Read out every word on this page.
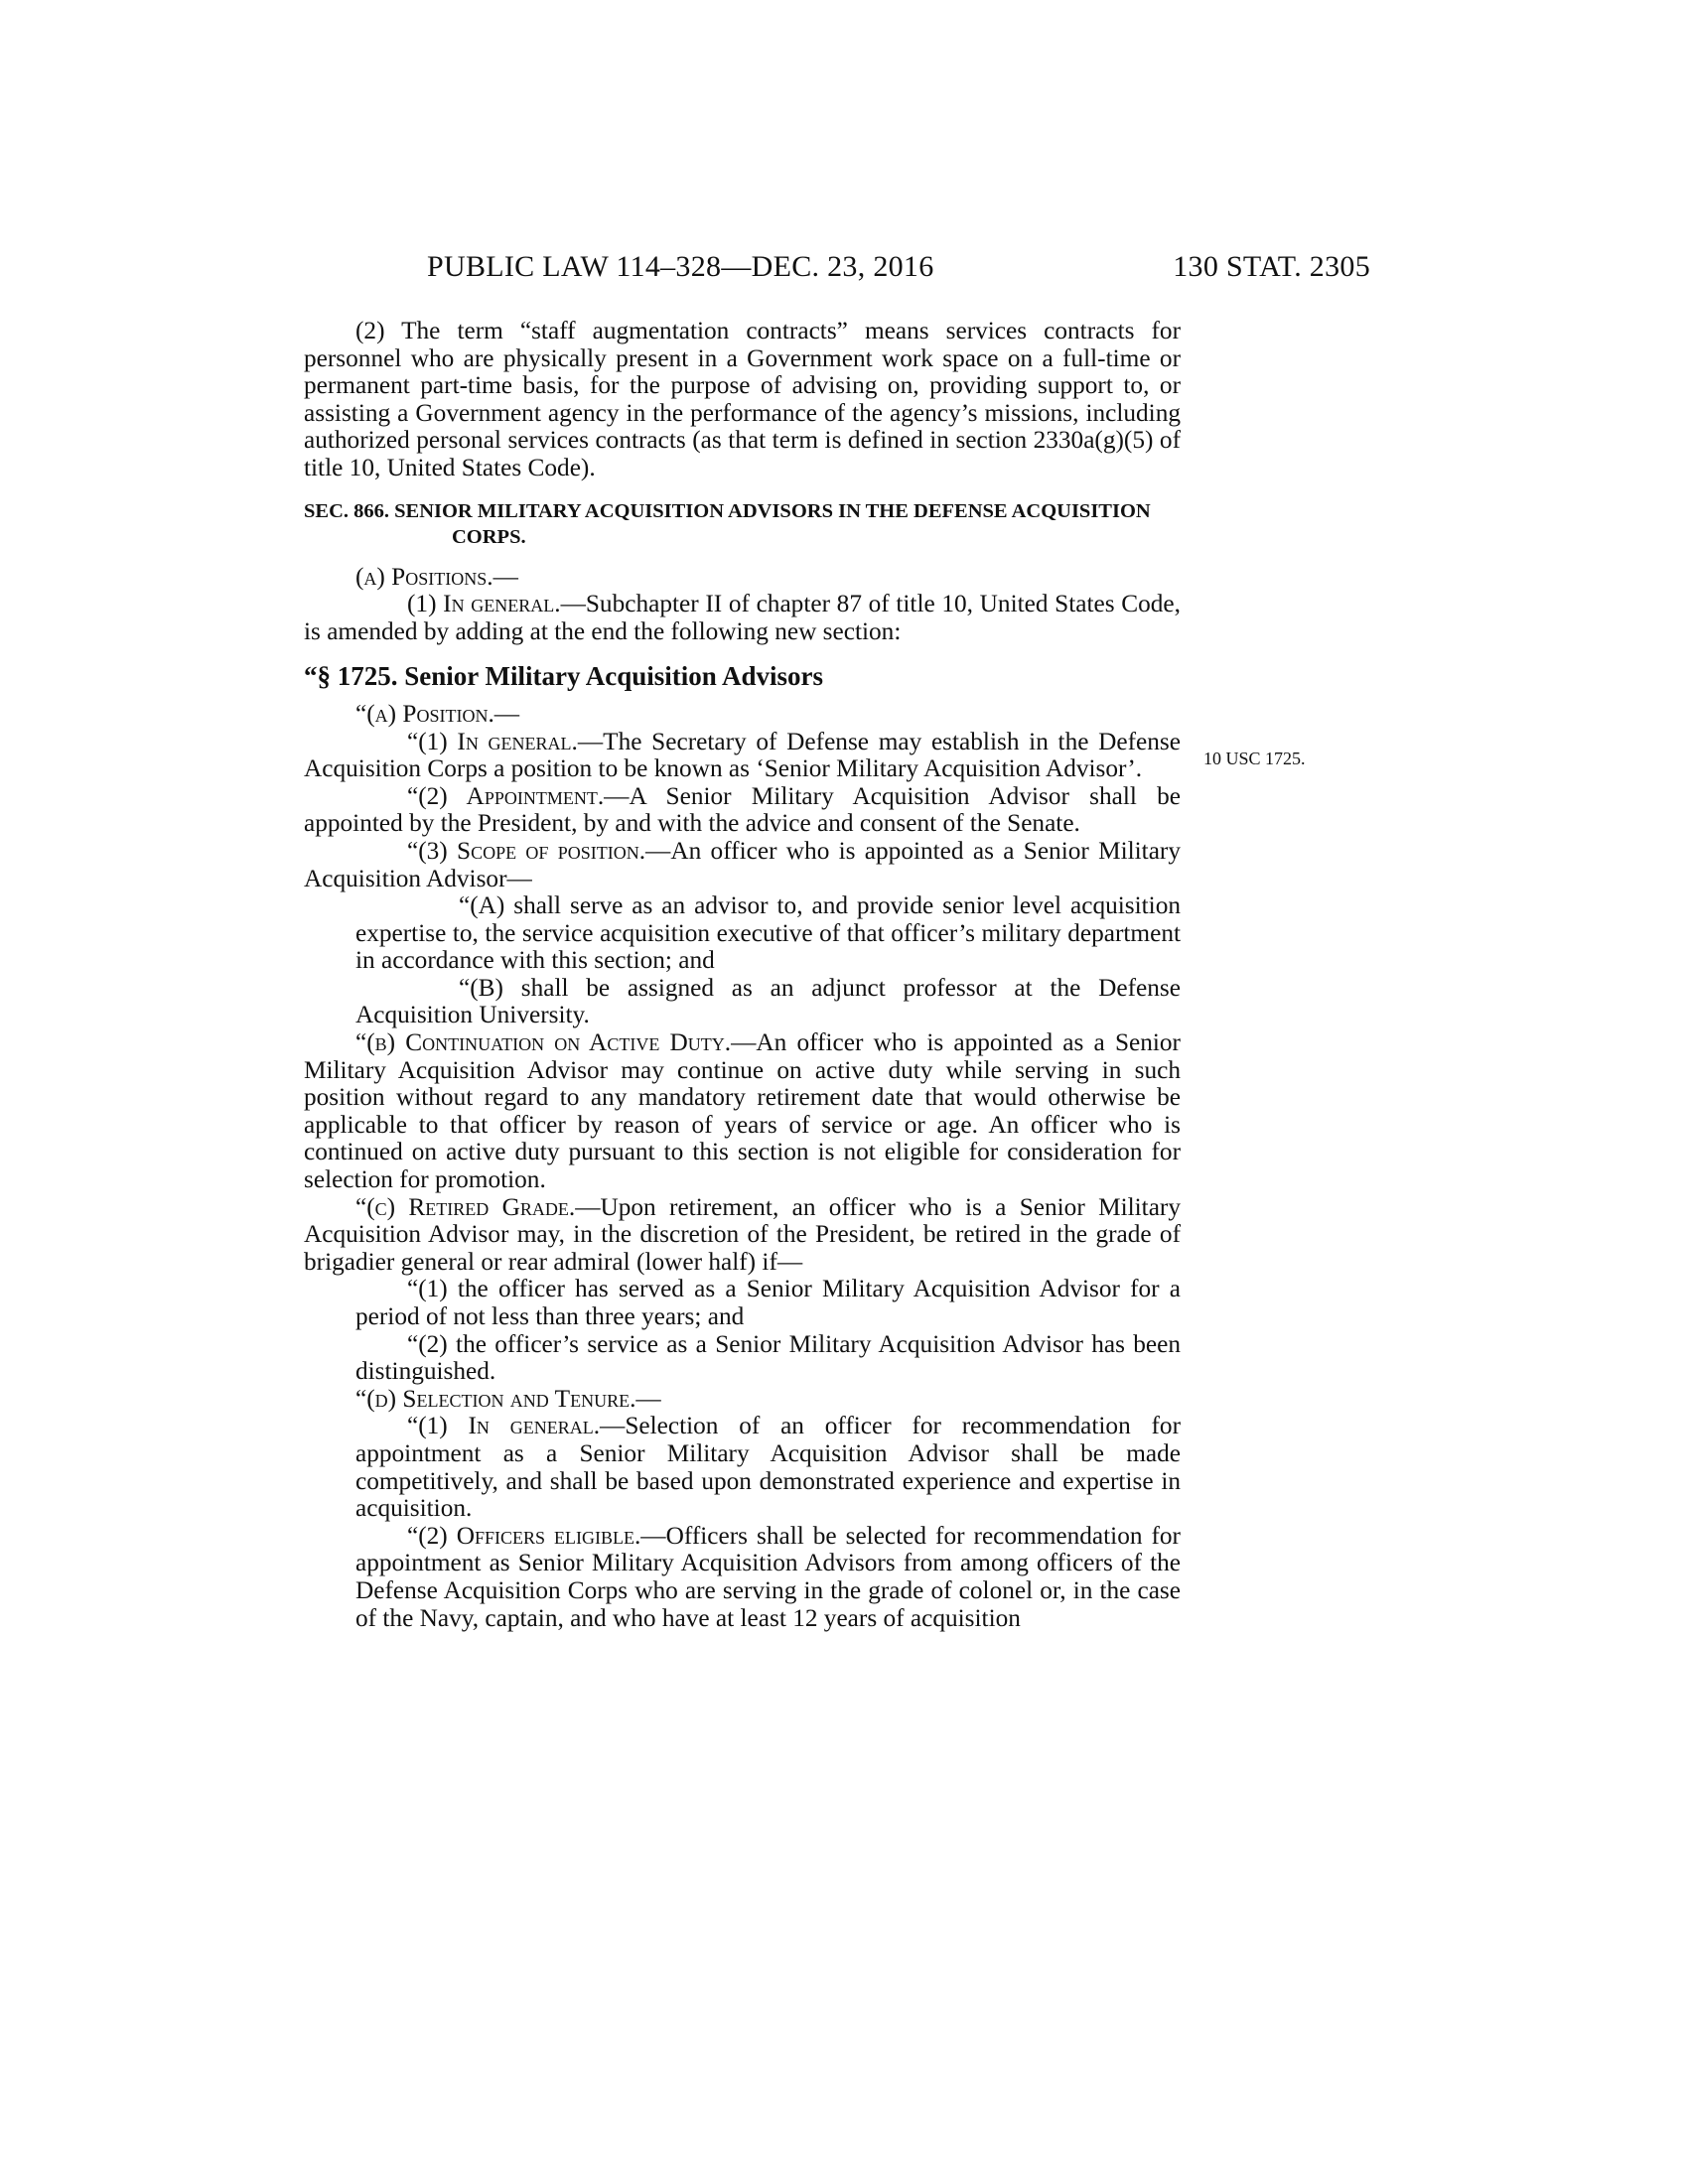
PUBLIC LAW 114–328—DEC. 23, 2016	130 STAT. 2305
10 USC 1725.

(2) The term “staff augmentation contracts” means services contracts for personnel who are physically present in a Government work space on a full-time or permanent part-time basis, for the purpose of advising on, providing support to, or assisting a Government agency in the performance of the agency’s missions, including authorized personal services contracts (as that term is defined in section 2330a(g)(5) of title 10, United States Code).

SEC. 866. SENIOR MILITARY ACQUISITION ADVISORS IN THE DEFENSE ACQUISITION CORPS.

(a) Positions.—

(1) In general.—Subchapter II of chapter 87 of title 10, United States Code, is amended by adding at the end the following new section:

“§ 1725. Senior Military Acquisition Advisors

“(a) Position.—

“(1) In general.—The Secretary of Defense may establish in the Defense Acquisition Corps a position to be known as ‘Senior Military Acquisition Advisor’.

“(2) Appointment.—A Senior Military Acquisition Advisor shall be appointed by the President, by and with the advice and consent of the Senate.

“(3) Scope of position.—An officer who is appointed as a Senior Military Acquisition Advisor—

“(A) shall serve as an advisor to, and provide senior level acquisition expertise to, the service acquisition executive of that officer’s military department in accordance with this section; and

“(B) shall be assigned as an adjunct professor at the Defense Acquisition University.

“(b) Continuation on Active Duty.—An officer who is appointed as a Senior Military Acquisition Advisor may continue on active duty while serving in such position without regard to any mandatory retirement date that would otherwise be applicable to that officer by reason of years of service or age. An officer who is continued on active duty pursuant to this section is not eligible for consideration for selection for promotion.

“(c) Retired Grade.—Upon retirement, an officer who is a Senior Military Acquisition Advisor may, in the discretion of the President, be retired in the grade of brigadier general or rear admiral (lower half) if—

“(1) the officer has served as a Senior Military Acquisition Advisor for a period of not less than three years; and

“(2) the officer’s service as a Senior Military Acquisition Advisor has been distinguished.

“(d) Selection and Tenure.—

“(1) In general.—Selection of an officer for recommendation for appointment as a Senior Military Acquisition Advisor shall be made competitively, and shall be based upon demonstrated experience and expertise in acquisition.

“(2) Officers eligible.—Officers shall be selected for recommendation for appointment as Senior Military Acquisition Advisors from among officers of the Defense Acquisition Corps who are serving in the grade of colonel or, in the case of the Navy, captain, and who have at least 12 years of acquisition
